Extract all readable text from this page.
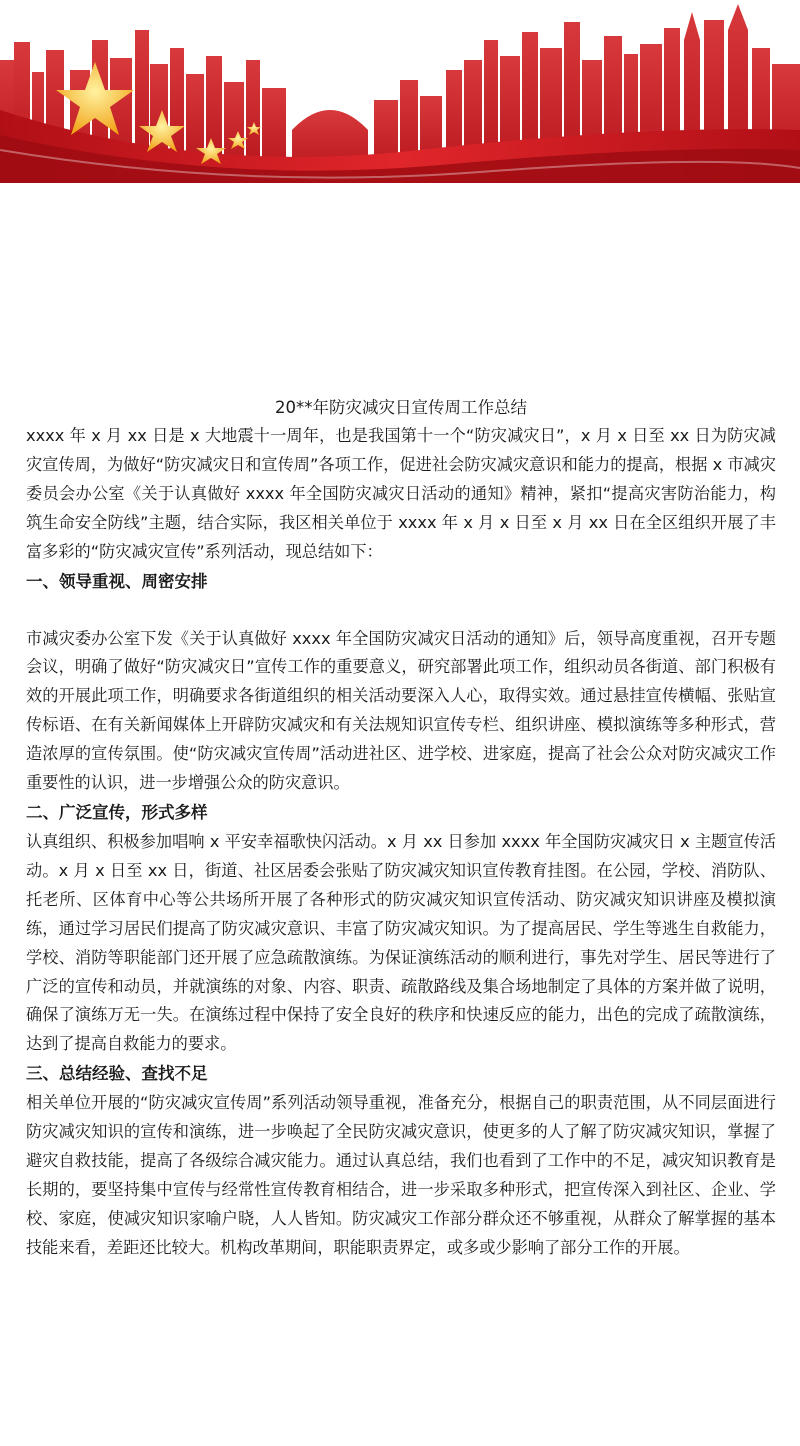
20**年防灾减灾日宣传周工作总结

xxxx 年 x 月 xx 日是 x 大地震十一周年，也是我国第十一个“防灾减灾日”，x 月 x 日至 xx 日为防灾减灾宣传周，为做好“防灾减灾日和宣传周”各项工作，促进社会防灾减灾意识和能力的提高，根据 x 市减灾委员会办公室《关于认真做好 xxxx 年全国防灾减灾日活动的通知》精神，紧扣“提高灾害防治能力，构筑生命安全防线”主题，结合实际，我区相关单位于 xxxx 年 x 月 x 日至 x 月 xx 日在全区组织开展了丰富多彩的“防灾减灾宣传”系列活动，现总结如下：

一、领导重视、周密安排

市减灾委办公室下发《关于认真做好 xxxx 年全国防灾减灾日活动的通知》后，领导高度重视，召开专题会议，明确了做好“防灾减灾日”宣传工作的重要意义，研究部署此项工作，组织动员各街道、部门积极有效的开展此项工作，明确要求各街道组织的相关活动要深入人心，取得实效。通过悬挂宣传横幅、张贴宣传标语、在有关新闻媒体上开辟防灾减灾和有关法规知识宣传专栏、组织讲座、模拟演练等多种形式，营造浓厚的宣传氛围。使“防灾减灾宣传周”活动进社区、进学校、进家庭，提高了社会公众对防灾减灾工作重要性的认识，进一步增强公众的防灾意识。

二、广泛宣传，形式多样

认真组织、积极参加唱响 x 平安幸福歌快闪活动。x 月 xx 日参加 xxxx 年全国防灾减灾日 x 主题宣传活动。x 月 x 日至 xx 日，街道、社区居委会张贴了防灾减灾知识宣传教育挂图。在公园，学校、消防队、托老所、区体育中心等公共场所开展了各种形式的防灾减灾知识宣传活动、防灾减灾知识讲座及模拟演练，通过学习居民们提高了防灾减灾意识、丰富了防灾减灾知识。为了提高居民、学生等逃生自救能力，学校、消防等职能部门还开展了应急疏散演练。为保证演练活动的顺利进行，事先对学生、居民等进行了广泛的宣传和动员，并就演练的对象、内容、职责、疏散路线及集合场地制定了具体的方案并做了说明，确保了演练万无一失。在演练过程中保持了安全良好的秩序和快速反应的能力，出色的完成了疏散演练，达到了提高自救能力的要求。

三、总结经验、查找不足

相关单位开展的“防灾减灾宣传周”系列活动领导重视，准备充分，根据自己的职责范围，从不同层面进行防灾减灾知识的宣传和演练，进一步唤起了全民防灾减灾意识，使更多的人了解了防灾减灾知识，掌握了避灾自救技能，提高了各级综合减灾能力。通过认真总结，我们也看到了工作中的不足，减灾知识教育是长期的，要坚持集中宣传与经常性宣传教育相结合，进一步采取多种形式，把宣传深入到社区、企业、学校、家庭，使减灾知识家喻户晓，人人皆知。防灾减灾工作部分群众还不够重视，从群众了解掌握的基本技能来看，差距还比较大。机构改革期间，职能职责界定，或多或少影响了部分工作的开展。
